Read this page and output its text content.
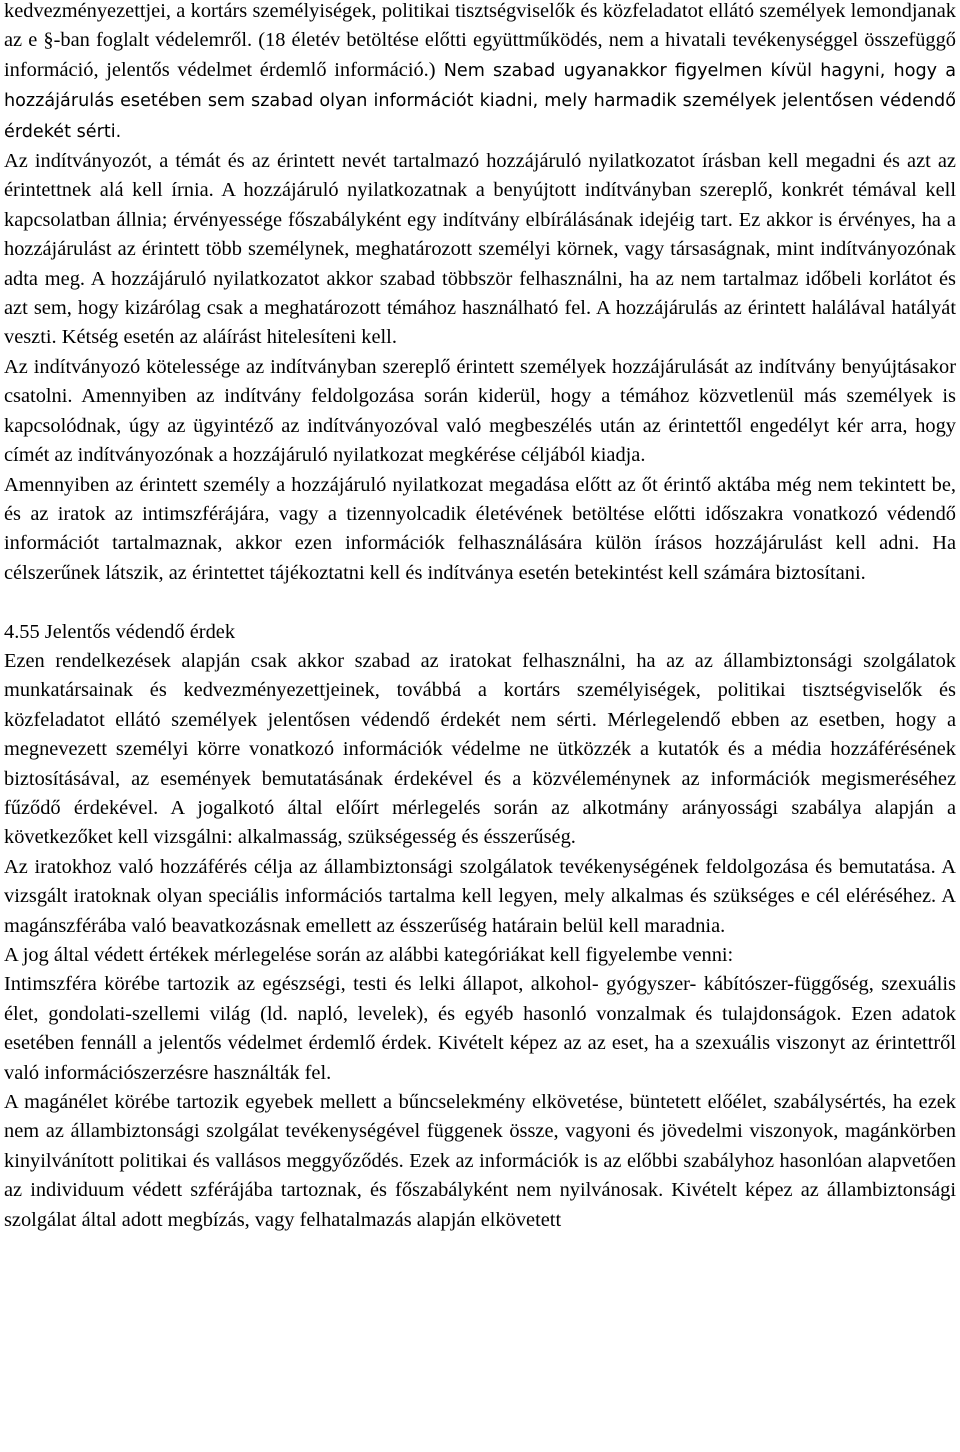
kedvezményezettjei, a kortárs személyiségek, politikai tisztségviselők és közfeladatot ellátó személyek lemondjanak az e §-ban foglalt védelemről. (18 életév betöltése előtti együttműködés, nem a hivatali tevékenységgel összefüggő információ, jelentős védelmet érdemlő információ.) Nem szabad ugyanakkor figyelmen kívül hagyni, hogy a hozzájárulás esetében sem szabad olyan információt kiadni, mely harmadik személyek jelentősen védendő érdekét sérti.

Az indítványozót, a témát és az érintett nevét tartalmazó hozzájáruló nyilatkozatot írásban kell megadni és azt az érintettnek alá kell írnia. A hozzájáruló nyilatkozatnak a benyújtott indítványban szereplő, konkrét témával kell kapcsolatban állnia; érvényessége főszabályként egy indítvány elbírálásának idejéig tart. Ez akkor is érvényes, ha a hozzájárulást az érintett több személynek, meghatározott személyi körnek, vagy társaságnak, mint indítványozónak adta meg. A hozzájáruló nyilatkozatot akkor szabad többször felhasználni, ha az nem tartalmaz időbeli korlátot és azt sem, hogy kizárólag csak a meghatározott témához használható fel. A hozzájárulás az érintett halálával hatályát veszti. Kétség esetén az aláírást hitelesíteni kell.

Az indítványozó kötelessége az indítványban szereplő érintett személyek hozzájárulását az indítvány benyújtásakor csatolni. Amennyiben az indítvány feldolgozása során kiderül, hogy a témához közvetlenül más személyek is kapcsolódnak, úgy az ügyintéző az indítványozóval való megbeszélés után az érintettől engedélyt kér arra, hogy címét az indítványozónak a hozzájáruló nyilatkozat megkérése céljából kiadja.

Amennyiben az érintett személy a hozzájáruló nyilatkozat megadása előtt az őt érintő aktába még nem tekintett be, és az iratok az intimszférájára, vagy a tizennyolcadik életévének betöltése előtti időszakra vonatkozó védendő információt tartalmaznak, akkor ezen információk felhasználására külön írásos hozzájárulást kell adni. Ha célszerűnek látszik, az érintettet tájékoztatni kell és indítványa esetén betekintést kell számára biztosítani.

4.55 Jelentős védendő érdek

Ezen rendelkezések alapján csak akkor szabad az iratokat felhasználni, ha az az állambiztonsági szolgálatok munkatársainak és kedvezményezettjeinek, továbbá a kortárs személyiségek, politikai tisztségviselők és közfeladatot ellátó személyek jelentősen védendő érdekét nem sérti. Mérlegelendő ebben az esetben, hogy a megnevezett személyi körre vonatkozó információk védelme ne ütközzék a kutatók és a média hozzáférésének biztosításával, az események bemutatásának érdekével és a közvéleménynek az információk megismeréséhez fűződő érdekével. A jogalkotó által előírt mérlegelés során az alkotmány arányossági szabálya alapján a következőket kell vizsgálni: alkalmasság, szükségesség és ésszerűség.

Az iratokhoz való hozzáférés célja az állambiztonsági szolgálatok tevékenységének feldolgozása és bemutatása. A vizsgált iratoknak olyan speciális információs tartalma kell legyen, mely alkalmas és szükséges e cél eléréséhez. A magánszférába való beavatkozásnak emellett az ésszerűség határain belül kell maradnia.

A jog által védett értékek mérlegelése során az alábbi kategóriákat kell figyelembe venni:

Intimszféra körébe tartozik az egészségi, testi és lelki állapot, alkohol- gyógyszer- kábítószer-függőség, szexuális élet, gondolati-szellemi világ (ld. napló, levelek), és egyéb hasonló vonzalmak és tulajdonságok. Ezen adatok esetében fennáll a jelentős védelmet érdemlő érdek. Kivételt képez az az eset, ha a szexuális viszonyt az érintettről való információszerzésre használták fel.

A magánélet körébe tartozik egyebek mellett a bűncselekmény elkövetése, büntetett előélet, szabálysértés, ha ezek nem az állambiztonsági szolgálat tevékenységével függenek össze, vagyoni és jövedelmi viszonyok, magánkörben kinyilvánított politikai és vallásos meggyőződés. Ezek az információk is az előbbi szabályhoz hasonlóan alapvetően az individuum védett szférájába tartoznak, és főszabályként nem nyilvánosak. Kivételt képez az állambiztonsági szolgálat által adott megbízás, vagy felhatalmazás alapján elkövetett
